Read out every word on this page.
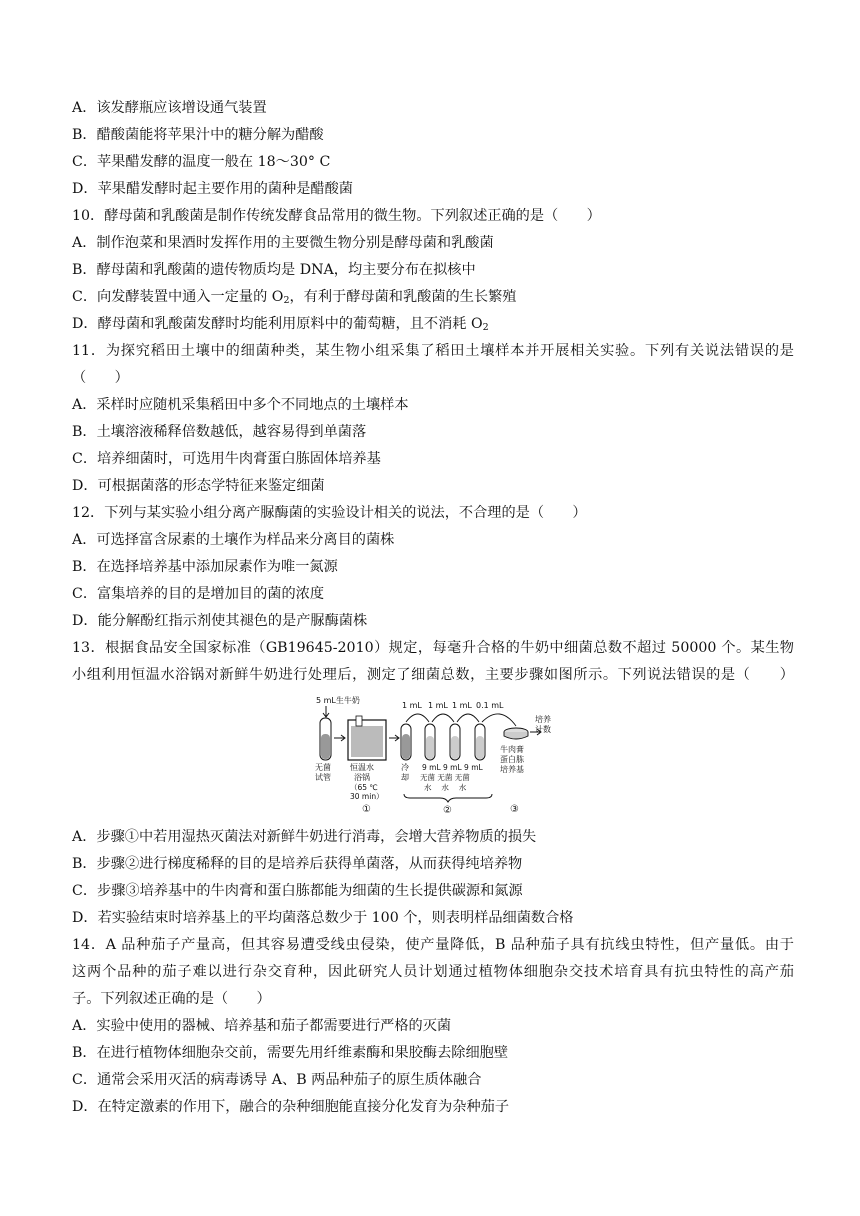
A．该发酵瓶应该增设通气装置
B．醋酸菌能将苹果汁中的糖分解为醋酸
C．苹果醋发酵的温度一般在 18～30° C
D．苹果醋发酵时起主要作用的菌种是醋酸菌
10．酵母菌和乳酸菌是制作传统发酵食品常用的微生物。下列叙述正确的是（　　）
A．制作泡菜和果酒时发挥作用的主要微生物分别是酵母菌和乳酸菌
B．酵母菌和乳酸菌的遗传物质均是 DNA，均主要分布在拟核中
C．向发酵装置中通入一定量的 $O_2$，有利于酵母菌和乳酸菌的生长繁殖
D．酵母菌和乳酸菌发酵时均能利用原料中的葡萄糖，且不消耗 $O_2$
11．为探究稻田土壤中的细菌种类，某生物小组采集了稻田土壤样本并开展相关实验。下列有关说法错误的是
（　　）
A．采样时应随机采集稻田中多个不同地点的土壤样本
B．土壤溶液稀释倍数越低，越容易得到单菌落
C．培养细菌时，可选用牛肉膏蛋白胨固体培养基
D．可根据菌落的形态学特征来鉴定细菌
12．下列与某实验小组分离产脲酶菌的实验设计相关的说法，不合理的是（　　）
A．可选择富含尿素的土壤作为样品来分离目的菌株
B．在选择培养基中添加尿素作为唯一氮源
C．富集培养的目的是增加目的菌的浓度
D．能分解酚红指示剂使其褪色的是产脲酶菌株
13．根据食品安全国家标准（GB19645-2010）规定，每毫升合格的牛奶中细菌总数不超过 50000 个。某生物
小组利用恒温水浴锅对新鲜牛奶进行处理后，测定了细菌总数，主要步骤如图所示。下列说法错误的是（　　）
5 mL生牛奶
无菌
试管
恒温水
浴锅
（65 ℃
30 min）
①
冷
却
1 mL 1 mL 1 mL 0.1 mL
9 mL 9 mL 9 mL
无菌 无菌 无菌
水　 水　 水
②
培养
计数
牛肉膏
蛋白胨
培养基
③
A．步骤①中若用湿热灭菌法对新鲜牛奶进行消毒，会增大营养物质的损失
B．步骤②进行梯度稀释的目的是培养后获得单菌落，从而获得纯培养物
C．步骤③培养基中的牛肉膏和蛋白胨都能为细菌的生长提供碳源和氮源
D．若实验结束时培养基上的平均菌落总数少于 100 个，则表明样品细菌数合格
14．A 品种茄子产量高，但其容易遭受线虫侵染，使产量降低，B 品种茄子具有抗线虫特性，但产量低。由于
这两个品种的茄子难以进行杂交育种，因此研究人员计划通过植物体细胞杂交技术培育具有抗虫特性的高产茄
子。下列叙述正确的是（　　）
A．实验中使用的器械、培养基和茄子都需要进行严格的灭菌
B．在进行植物体细胞杂交前，需要先用纤维素酶和果胶酶去除细胞壁
C．通常会采用灭活的病毒诱导 A、B 两品种茄子的原生质体融合
D．在特定激素的作用下，融合的杂种细胞能直接分化发育为杂种茄子
